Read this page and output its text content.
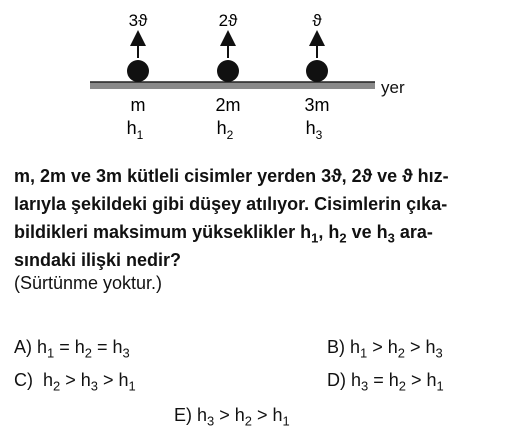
yer
3ϑ	2ϑ	ϑ
m	2m	3m
$h_1$	$h_2$	$h_3$
m, 2m ve 3m kütleli cisimler yerden 3ϑ, 2ϑ ve ϑ hız-
larıyla şekildeki gibi düşey atılıyor. Cisimlerin çıka-
bildikleri maksimum yükseklikler $h_1$, $h_2$ ve $h_3$ ara-
sındaki ilişki nedir?
(Sürtünme yoktur.)
A) $h_1 = h_2 = h_3$	B) $h_1 > h_2 > h_3$
C)  $h_2 > h_3 > h_1$	D) $h_3 = h_2 > h_1$
E) $h_3 > h_2 > h_1$
